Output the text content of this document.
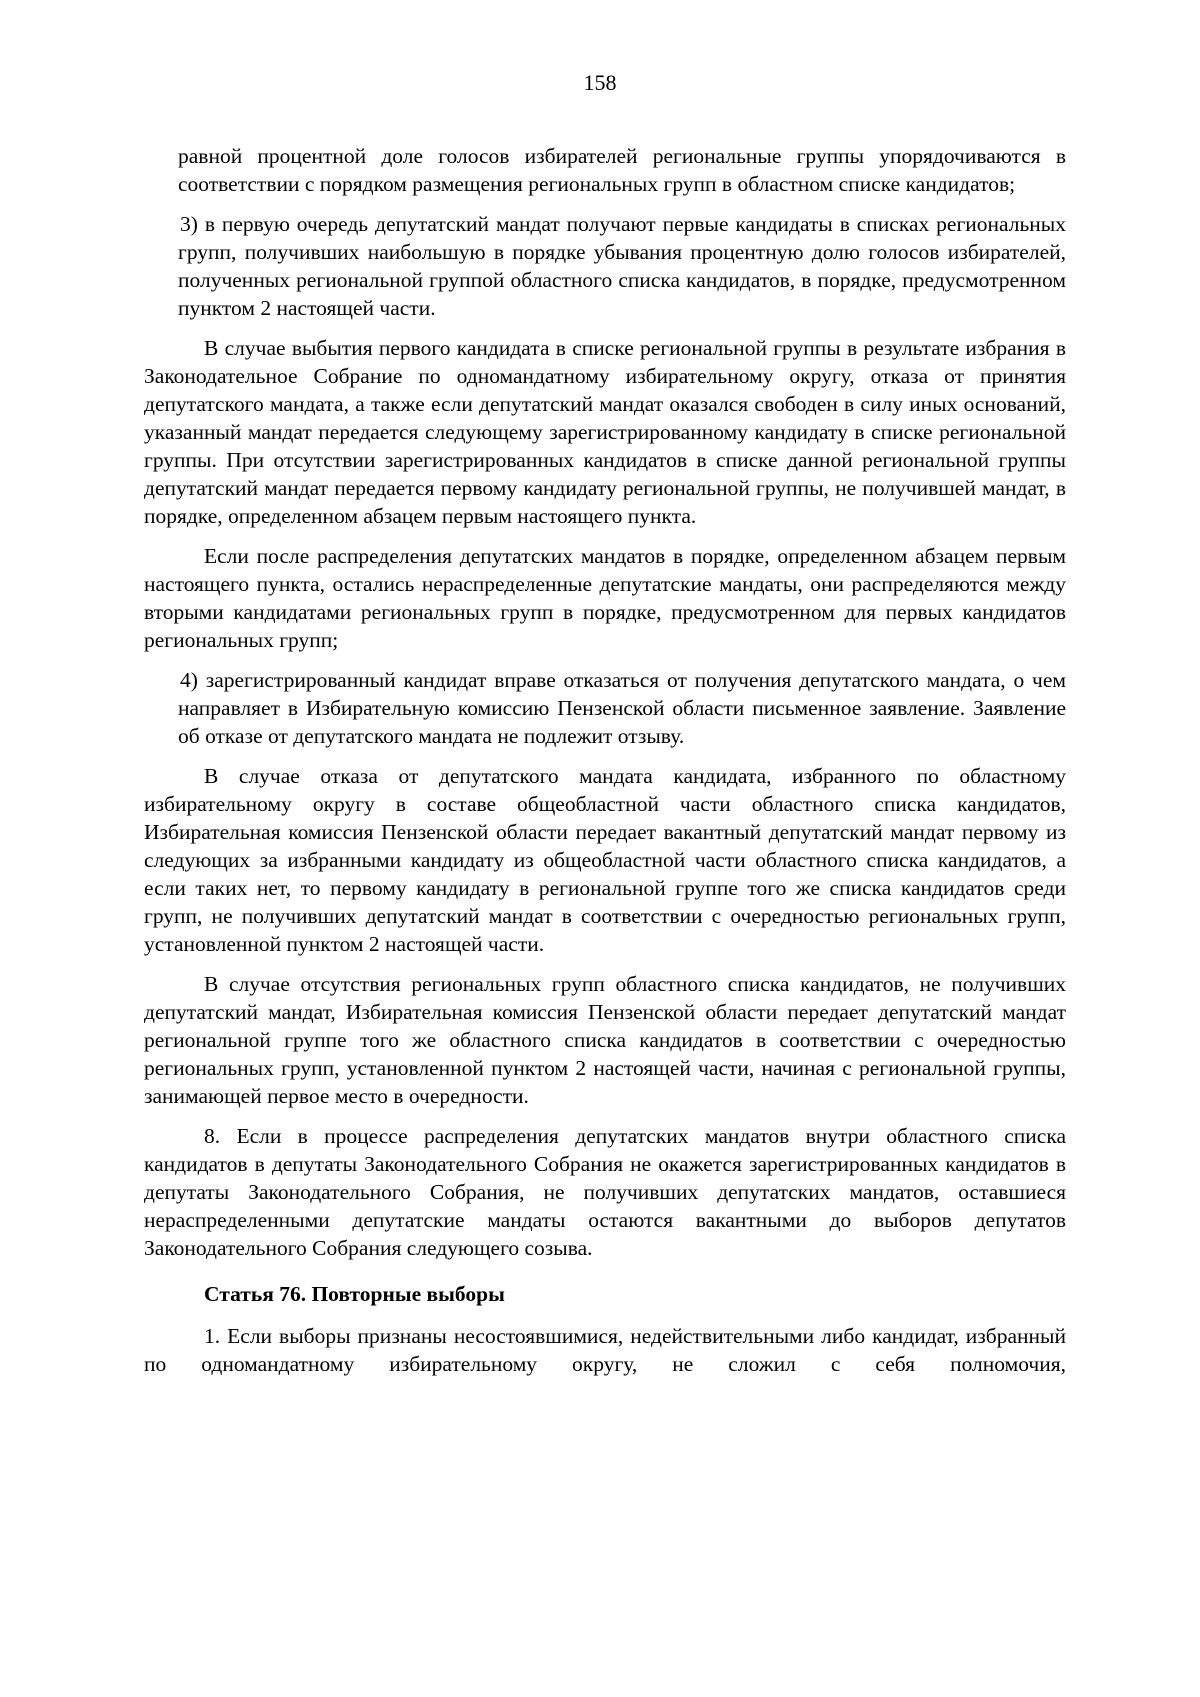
158

равной процентной доле голосов избирателей региональные группы упорядочиваются в соответствии с порядком размещения региональных групп в областном списке кандидатов;

3) в первую очередь депутатский мандат получают первые кандидаты в списках региональных групп, получивших наибольшую в порядке убывания процентную долю голосов избирателей, полученных региональной группой областного списка кандидатов, в порядке, предусмотренном пунктом 2 настоящей части.

В случае выбытия первого кандидата в списке региональной группы в результате избрания в Законодательное Собрание по одномандатному избирательному округу, отказа от принятия депутатского мандата, а также если депутатский мандат оказался свободен в силу иных оснований, указанный мандат передается следующему зарегистрированному кандидату в списке региональной группы. При отсутствии зарегистрированных кандидатов в списке данной региональной группы депутатский мандат передается первому кандидату региональной группы, не получившей мандат, в порядке, определенном абзацем первым настоящего пункта.

Если после распределения депутатских мандатов в порядке, определенном абзацем первым настоящего пункта, остались нераспределенные депутатские мандаты, они распределяются между вторыми кандидатами региональных групп в порядке, предусмотренном для первых кандидатов региональных групп;

4) зарегистрированный кандидат вправе отказаться от получения депутатского мандата, о чем направляет в Избирательную комиссию Пензенской области письменное заявление. Заявление об отказе от депутатского мандата не подлежит отзыву.

В случае отказа от депутатского мандата кандидата, избранного по областному избирательному округу в составе общеобластной части областного списка кандидатов, Избирательная комиссия Пензенской области передает вакантный депутатский мандат первому из следующих за избранными кандидату из общеобластной части областного списка кандидатов, а если таких нет, то первому кандидату в региональной группе того же списка кандидатов среди групп, не получивших депутатский мандат в соответствии с очередностью региональных групп, установленной пунктом 2 настоящей части.

В случае отсутствия региональных групп областного списка кандидатов, не получивших депутатский мандат, Избирательная комиссия Пензенской области передает депутатский мандат региональной группе того же областного списка кандидатов в соответствии с очередностью региональных групп, установленной пунктом 2 настоящей части, начиная с региональной группы, занимающей первое место в очередности.

8. Если в процессе распределения депутатских мандатов внутри областного списка кандидатов в депутаты Законодательного Собрания не окажется зарегистрированных кандидатов в депутаты Законодательного Собрания, не получивших депутатских мандатов, оставшиеся нераспределенными депутатские мандаты остаются вакантными до выборов депутатов Законодательного Собрания следующего созыва.

Статья 76. Повторные выборы

1. Если выборы признаны несостоявшимися, недействительными либо кандидат, избранный по одномандатному избирательному округу, не сложил с себя полномочия,
